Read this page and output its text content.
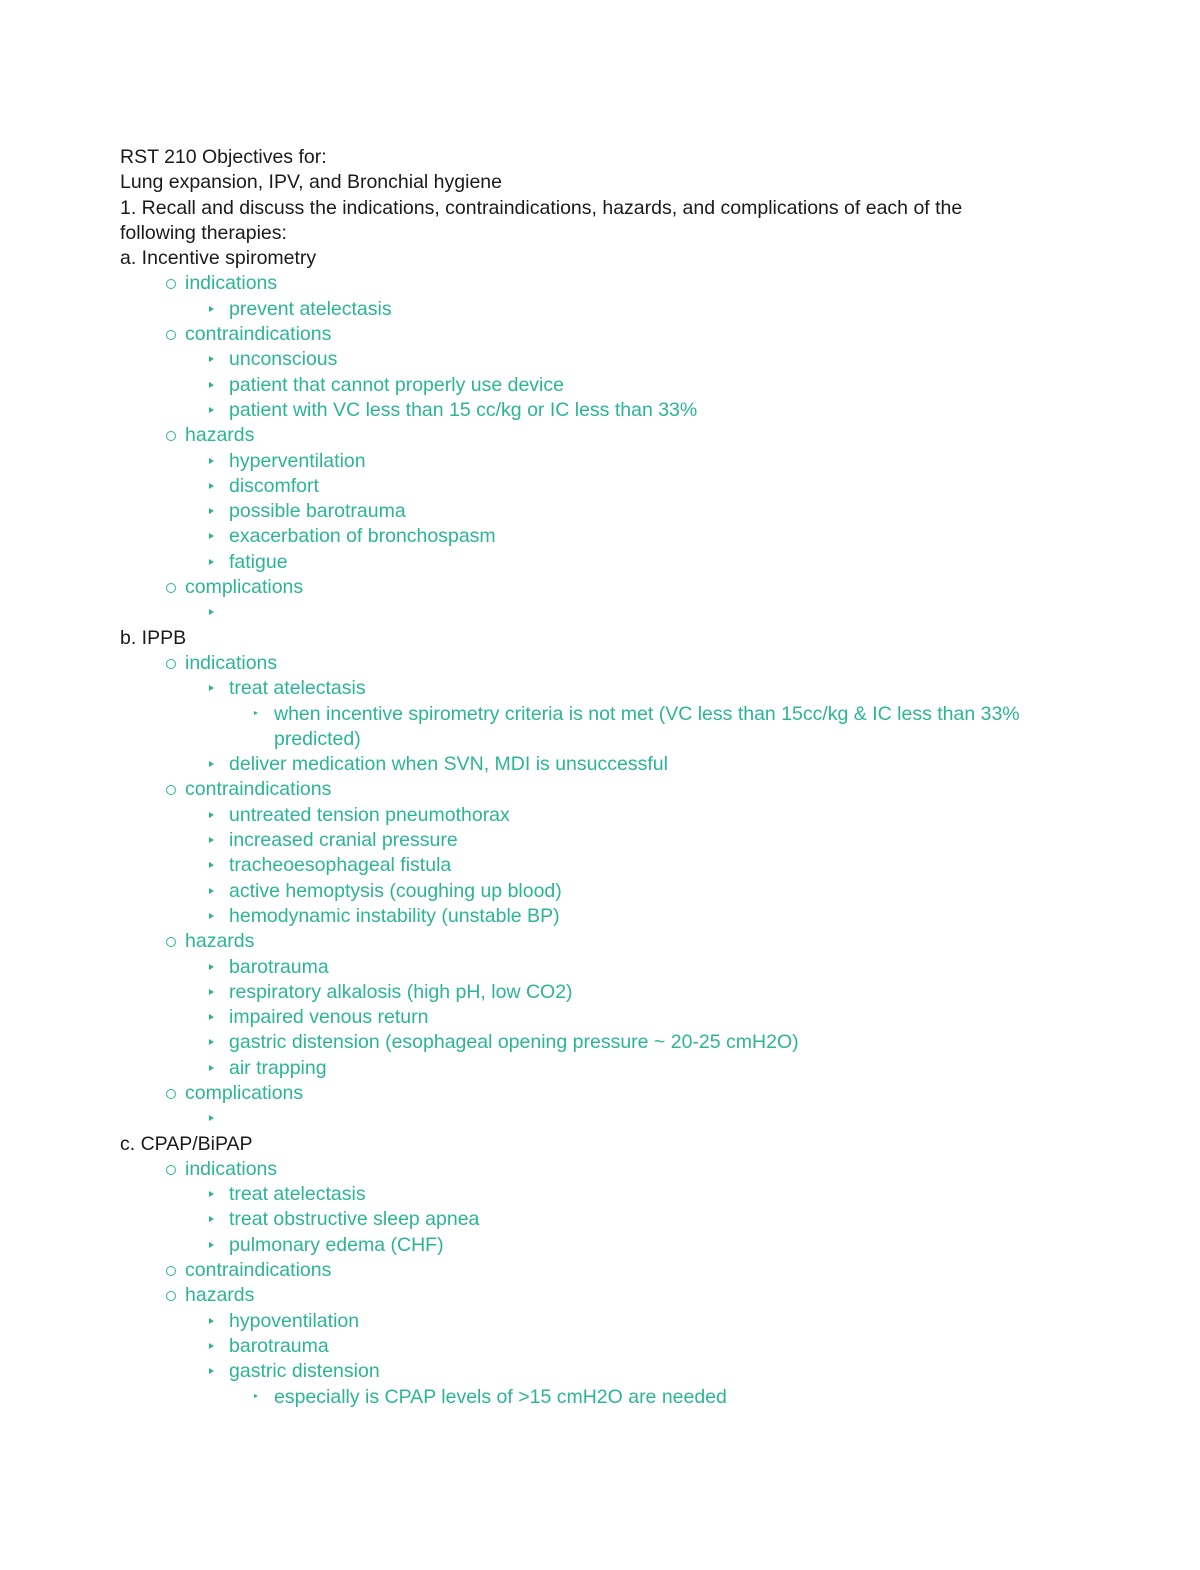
RST 210 Objectives for:
Lung expansion, IPV, and Bronchial hygiene
1. Recall and discuss the indications, contraindications, hazards, and complications of each of the following therapies:
a. Incentive spirometry
indications
prevent atelectasis
contraindications
unconscious
patient that cannot properly use device
patient with VC less than 15 cc/kg or IC less than 33%
hazards
hyperventilation
discomfort
possible barotrauma
exacerbation of bronchospasm
fatigue
complications
b. IPPB
indications
treat atelectasis
when incentive spirometry criteria is not met (VC less than 15cc/kg & IC less than 33% predicted)
deliver medication when SVN, MDI is unsuccessful
contraindications
untreated tension pneumothorax
increased cranial pressure
tracheoesophageal fistula
active hemoptysis (coughing up blood)
hemodynamic instability (unstable BP)
hazards
barotrauma
respiratory alkalosis (high pH, low CO2)
impaired venous return
gastric distension (esophageal opening pressure ~ 20-25 cmH2O)
air trapping
complications
c. CPAP/BiPAP
indications
treat atelectasis
treat obstructive sleep apnea
pulmonary edema (CHF)
contraindications
hazards
hypoventilation
barotrauma
gastric distension
especially is CPAP levels of >15 cmH2O are needed
